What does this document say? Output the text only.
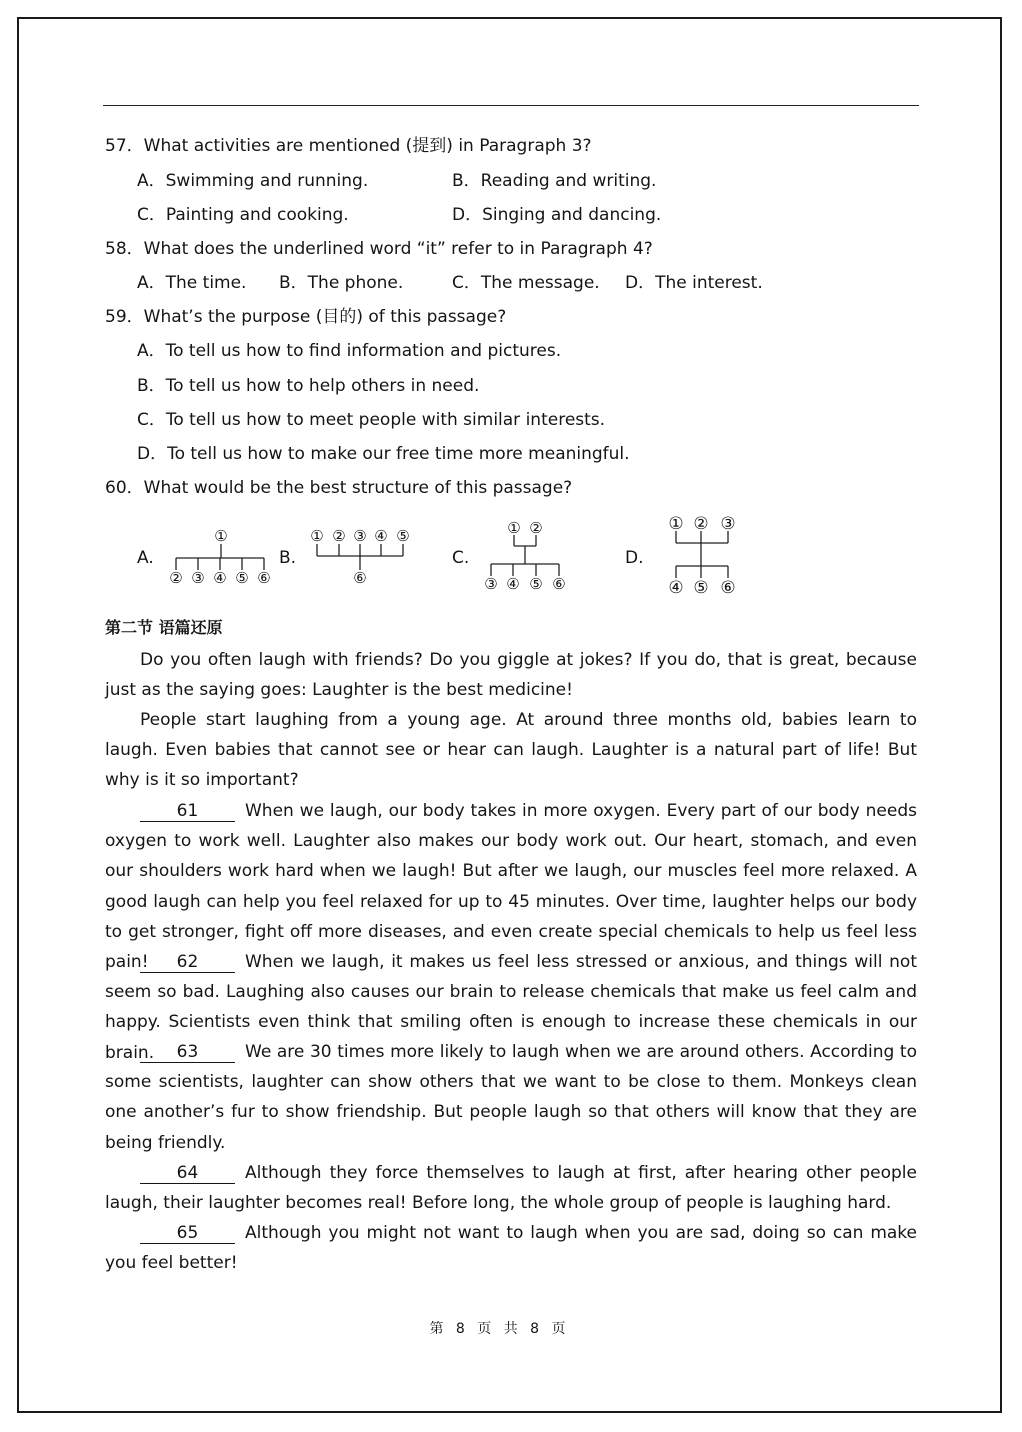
57．What activities are mentioned (提到) in Paragraph 3?
A．Swimming and running.	B．Reading and writing.
C．Painting and cooking.	D．Singing and dancing.
58．What does the underlined word “it” refer to in Paragraph 4?
A．The time. B．The phone.	C．The message. D．The interest.
59．What’s the purpose (目的) of this passage?
A．To tell us how to find information and pictures.
B．To tell us how to help others in need.
C．To tell us how to meet people with similar interests.
D．To tell us how to make our free time more meaningful.
60．What would be the best structure of this passage?
A.	B.	C.	D.
①
② ③ ④ ⑤ ⑥
① ② ③ ④ ⑤
⑥
① ②
③ ④ ⑤ ⑥
① ② ③
④ ⑤ ⑥
第二节 语篇还原

Do you often laugh with friends? Do you giggle at jokes? If you do, that is great, because just as the saying goes: Laughter is the best medicine!

People start laughing from a young age. At around three months old, babies learn to laugh. Even babies that cannot see or hear can laugh. Laughter is a natural part of life! But why is it so important?

61	When we laugh, our body takes in more oxygen. Every part of our body needs oxygen to work well. Laughter also makes our body work out. Our heart, stomach, and even our shoulders work hard when we laugh! But after we laugh, our muscles feel more relaxed. A good laugh can help you feel relaxed for up to 45 minutes. Over time, laughter helps our body to get stronger, fight off more diseases, and even create special chemicals to help us feel less pain!	62	When we laugh, it makes us feel less stressed or anxious, and things will not seem so bad. Laughing also causes our brain to release chemicals that make us feel calm and happy. Scientists even think that smiling often is enough to increase these chemicals in our brain.	63	We are 30 times more likely to laugh when we are around others. According to some scientists, laughter can show others that we want to be close to them. Monkeys clean one another’s fur to show friendship. But people laugh so that others will know that they are being friendly.

64	Although they force themselves to laugh at first, after hearing other people laugh, their laughter becomes real! Before long, the whole group of people is laughing hard.

65	Although you might not want to laugh when you are sad, doing so can make you feel better!

第 8 页 共 8 页
